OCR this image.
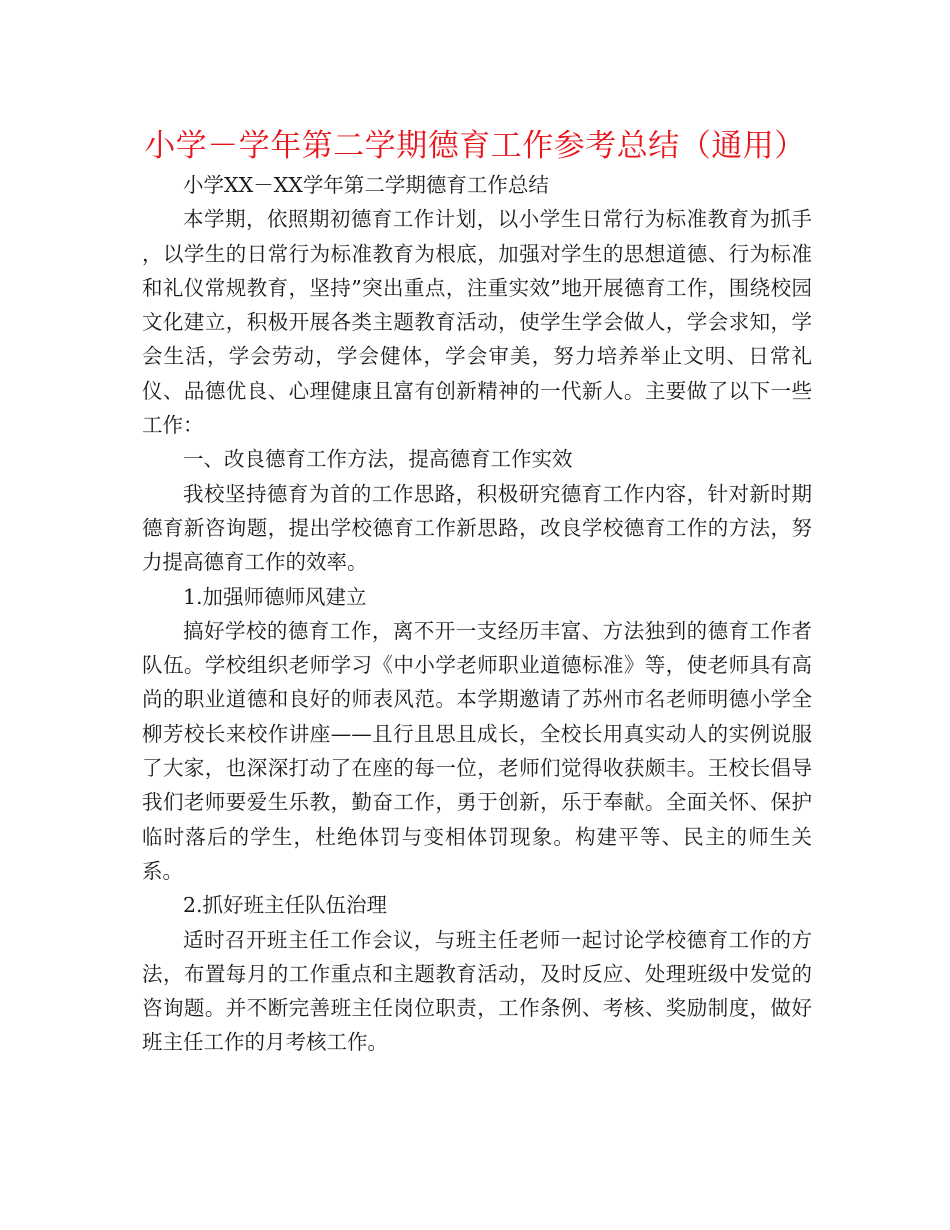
小学－学年第二学期德育工作参考总结（通用）

小学XX－XX学年第二学期德育工作总结

本学期，依照期初德育工作计划，以小学生日常行为标准教育为抓手 ，以学生的日常行为标准教育为根底，加强对学生的思想道德、行为标准和礼仪常规教育，坚持”突出重点，注重实效”地开展德育工作，围绕校园文化建立，积极开展各类主题教育活动，使学生学会做人，学会求知，学会生活，学会劳动，学会健体，学会审美，努力培养举止文明、日常礼仪、品德优良、心理健康且富有创新精神的一代新人。主要做了以下一些工作：

一、改良德育工作方法，提高德育工作实效

我校坚持德育为首的工作思路，积极研究德育工作内容，针对新时期德育新咨询题，提出学校德育工作新思路，改良学校德育工作的方法，努力提高德育工作的效率。

1.加强师德师风建立

搞好学校的德育工作，离不开一支经历丰富、方法独到的德育工作者队伍。学校组织老师学习《中小学老师职业道德标准》等，使老师具有高尚的职业道德和良好的师表风范。本学期邀请了苏州市名老师明德小学全柳芳校长来校作讲座——且行且思且成长，全校长用真实动人的实例说服了大家，也深深打动了在座的每一位，老师们觉得收获颇丰。王校长倡导我们老师要爱生乐教，勤奋工作，勇于创新，乐于奉献。全面关怀、保护临时落后的学生，杜绝体罚与变相体罚现象。构建平等、民主的师生关系。

2.抓好班主任队伍治理

适时召开班主任工作会议，与班主任老师一起讨论学校德育工作的方法，布置每月的工作重点和主题教育活动，及时反应、处理班级中发觉的咨询题。并不断完善班主任岗位职责，工作条例、考核、奖励制度，做好班主任工作的月考核工作。
